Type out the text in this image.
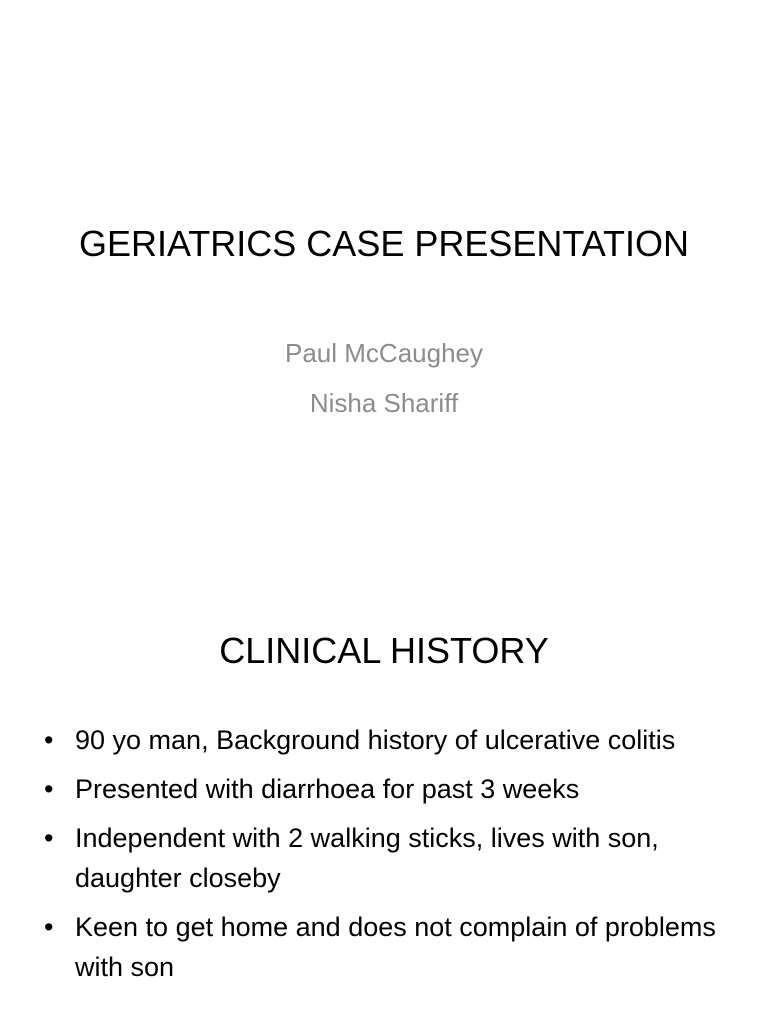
GERIATRICS CASE PRESENTATION
Paul McCaughey
Nisha Shariff
CLINICAL HISTORY
• 90 yo man, Background history of ulcerative colitis
• Presented with diarrhoea for past 3 weeks
• Independent with 2 walking sticks, lives with son, daughter closeby
• Keen to get home and does not complain of problems with son
